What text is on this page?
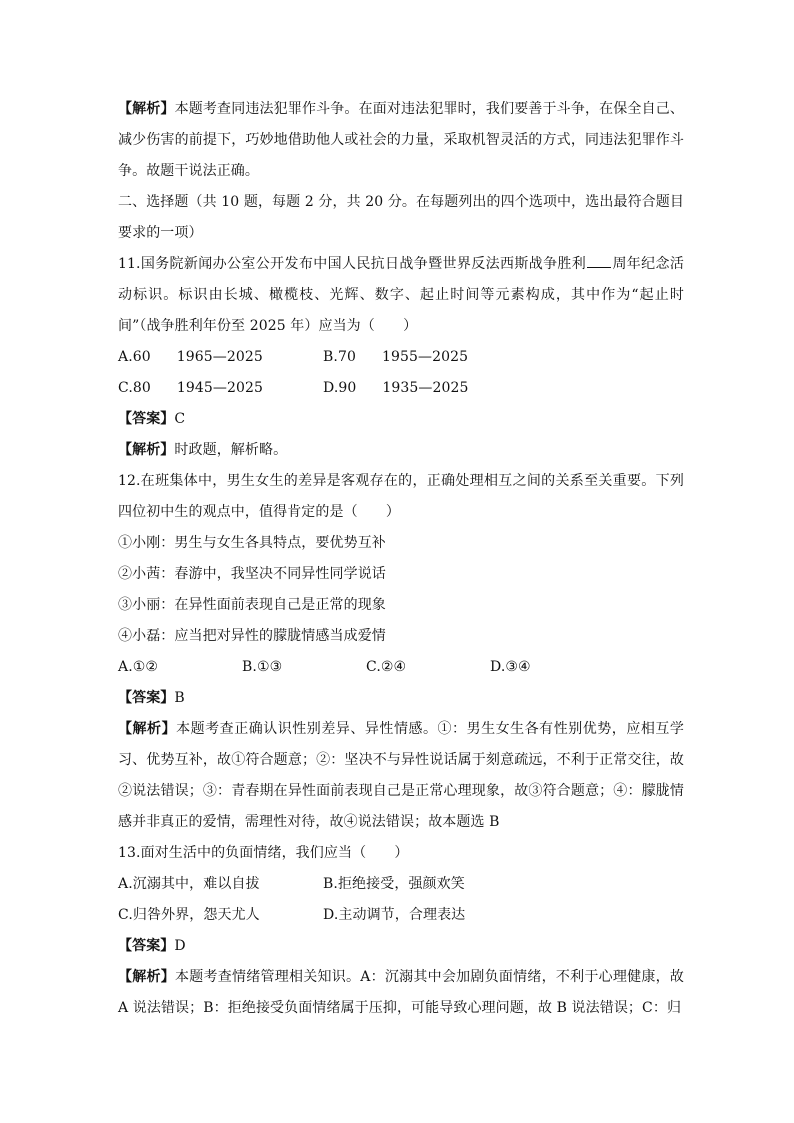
【解析】本题考查同违法犯罪作斗争。在面对违法犯罪时，我们要善于斗争，在保全自己、减少伤害的前提下，巧妙地借助他人或社会的力量，采取机智灵活的方式，同违法犯罪作斗争。故题干说法正确。

二、选择题（共 10 题，每题 2 分，共 20 分。在每题列出的四个选项中，选出最符合题目要求的一项）

11.国务院新闻办公室公开发布中国人民抗日战争暨世界反法西斯战争胜利 周年纪念活动标识。标识由长城、橄榄枝、光辉、数字、起止时间等元素构成，其中作为“起止时间”（战争胜利年份至 2025 年）应当为（　　）

A.60 1965—2025	B.70 1955—2025
C.80 1945—2025	D.90 1935—2025

【答案】C

【解析】时政题，解析略。

12.在班集体中，男生女生的差异是客观存在的，正确处理相互之间的关系至关重要。下列四位初中生的观点中，值得肯定的是（　　）

①小刚：男生与女生各具特点，要优势互补

②小茜：春游中，我坚决不同异性同学说话

③小丽：在异性面前表现自己是正常的现象

④小磊：应当把对异性的朦胧情感当成爱情

A.①②	B.①③	C.②④	D.③④

【答案】B

【解析】本题考查正确认识性别差异、异性情感。①：男生女生各有性别优势，应相互学习、优势互补，故①符合题意；②：坚决不与异性说话属于刻意疏远，不利于正常交往，故②说法错误；③：青春期在异性面前表现自己是正常心理现象，故③符合题意；④：朦胧情感并非真正的爱情，需理性对待，故④说法错误；故本题选 B

13.面对生活中的负面情绪，我们应当（　　）

A.沉溺其中，难以自拔	B.拒绝接受，强颜欢笑
C.归咎外界，怨天尤人	D.主动调节，合理表达

【答案】D

【解析】本题考查情绪管理相关知识。A：沉溺其中会加剧负面情绪，不利于心理健康，故 A 说法错误；B：拒绝接受负面情绪属于压抑，可能导致心理问题，故 B 说法错误；C：归
